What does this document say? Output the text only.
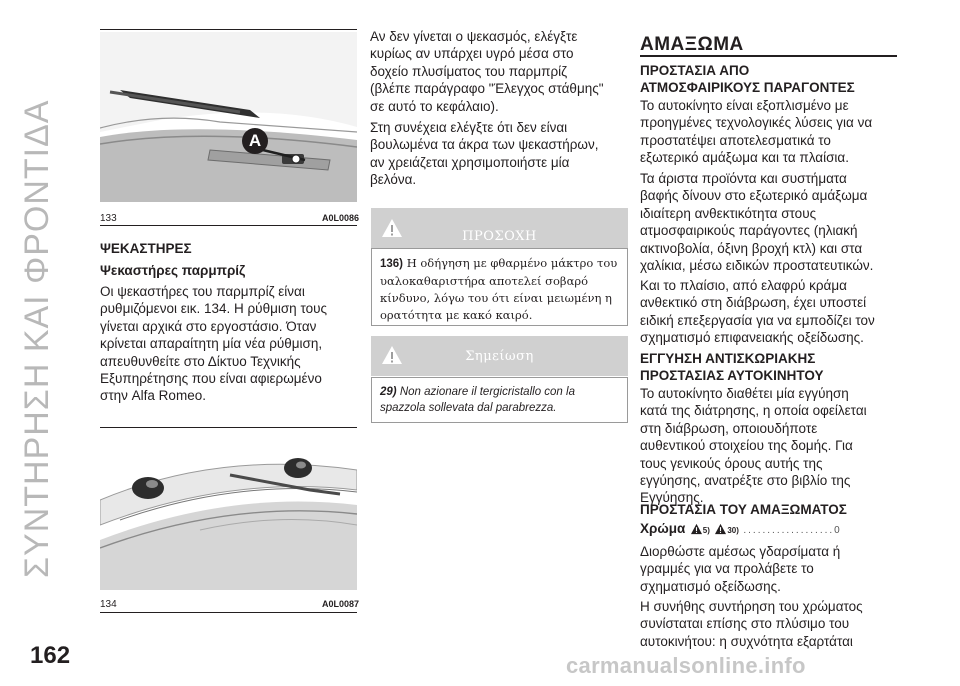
ΣΥΝΤΗΡΗΣΗ ΚΑΙ ΦΡΟΝΤΙΔΑ
162
A
133	A0L0086
ΨΕΚΑΣΤΗΡΕΣ
Ψεκαστήρες παρμπρίζ
Οι ψεκαστήρες του παρμπρίζ είναι
ρυθμιζόμενοι εικ. 134. Η ρύθμιση τους
γίνεται αρχικά στο εργοστάσιο. Όταν
κρίνεται απαραίτητη μία νέα ρύθμιση,
απευθυνθείτε στο Δίκτυο Τεχνικής
Εξυπηρέτησης που είναι αφιερωμένο
στην Alfa Romeo.
134	A0L0087
Αν δεν γίνεται ο ψεκασμός, ελέγξτε
κυρίως αν υπάρχει υγρό μέσα στο
δοχείο πλυσίματος του παρμπρίζ
(βλέπε παράγραφο "Έλεγχος στάθμης"
σε αυτό το κεφάλαιο).
Στη συνέχεια ελέγξτε ότι δεν είναι
βουλωμένα τα άκρα των ψεκαστήρων,
αν χρειάζεται χρησιμοποιήστε μία
βελόνα.
ΠΡΟΣΟΧΗ
136) Η οδήγηση με φθαρμένο μάκτρο του
υαλοκαθαριστήρα αποτελεί σοβαρό
κίνδυνο, λόγω του ότι είναι μειωμένη η
ορατότητα με κακό καιρό.
Σημείωση
29) Non azionare il tergicristallo con la
spazzola sollevata dal parabrezza.
ΑΜΑΞΩΜΑ
ΠΡΟΣΤΑΣΙΑ ΑΠΟ
ΑΤΜΟΣΦΑΙΡΙΚΟΥΣ ΠΑΡΑΓΟΝΤΕΣ
Το αυτοκίνητο είναι εξοπλισμένο με
προηγμένες τεχνολογικές λύσεις για να
προστατέψει αποτελεσματικά το
εξωτερικό αμάξωμα και τα πλαίσια.
Τα άριστα προϊόντα και συστήματα
βαφής δίνουν στο εξωτερικό αμάξωμα
ιδιαίτερη ανθεκτικότητα στους
ατμοσφαιρικούς παράγοντες (ηλιακή
ακτινοβολία, όξινη βροχή κτλ) και στα
χαλίκια, μέσω ειδικών προστατευτικών.
Και το πλαίσιο, από ελαφρύ κράμα
ανθεκτικό στη διάβρωση, έχει υποστεί
ειδική επεξεργασία για να εμποδίζει τον
σχηματισμό επιφανειακής οξείδωσης.
ΕΓΓΥΗΣΗ ΑΝΤΙΣΚΩΡΙΑΚΗΣ
ΠΡΟΣΤΑΣΙΑΣ ΑΥΤΟΚΙΝΗΤΟΥ
Το αυτοκίνητο διαθέτει μία εγγύηση
κατά της διάτρησης, η οποία οφείλεται
στη διάβρωση, οποιουδήποτε
αυθεντικού στοιχείου της δομής. Για
τους γενικούς όρους αυτής της
εγγύησης, ανατρέξτε στο βιβλίο της
Εγγύησης.
ΠΡΟΣΤΑΣΙΑ ΤΟΥ ΑΜΑΞΩΜΑΤΟΣ
Χρώμα 5) 30) ...................0
Διορθώστε αμέσως γδαρσίματα ή
γραμμές για να προλάβετε το
σχηματισμό οξείδωσης.
Η συνήθης συντήρηση του χρώματος
συνίσταται επίσης στο πλύσιμο του
αυτοκινήτου: η συχνότητα εξαρτάται
carmanualsonline.info
